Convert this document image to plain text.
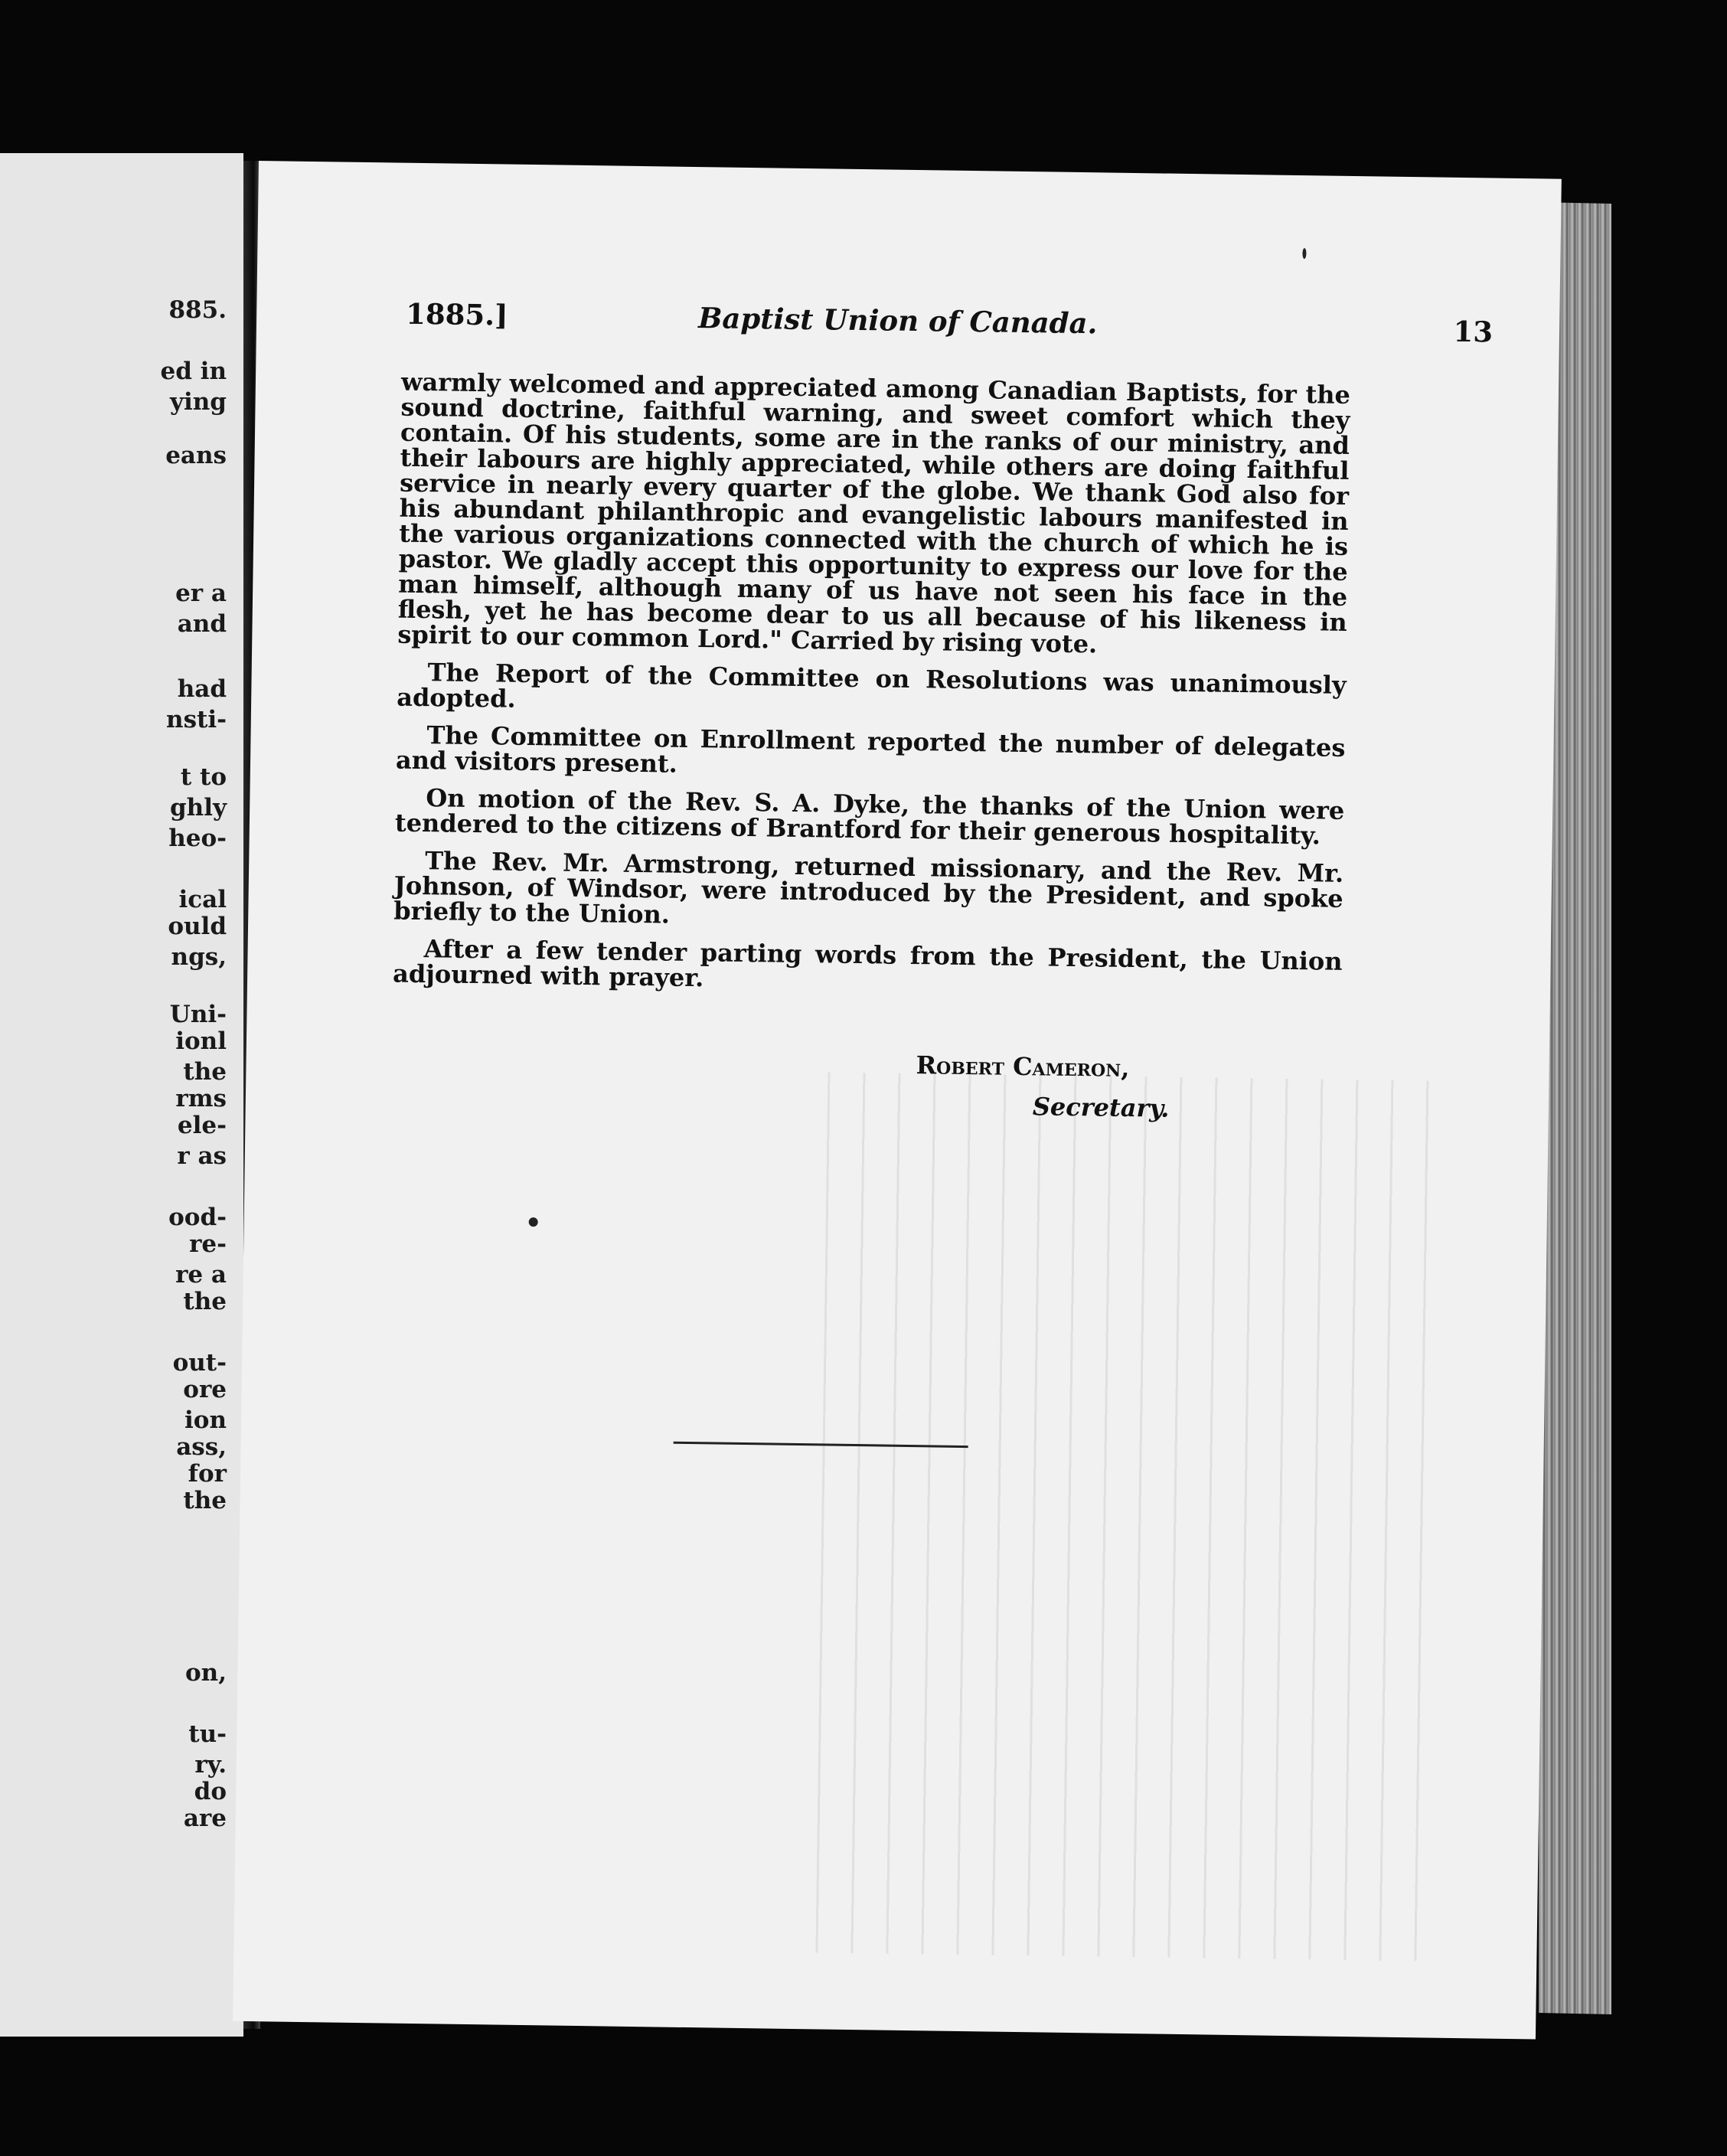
885.
ed in
ying
eans
er a
and
had
nsti-
t to
ghly
heo-
ical
ould
ngs,
Uni-
ionl
the
rms
ele-
r as
ood-
re-
re a
the
out-
ore
ion
ass,
for
the
on,
tu-
ry.
do
are
1885.]	Baptist Union of Canada.	13

warmly welcomed and appreciated among Canadian Baptists, for the sound doctrine, faithful warning, and sweet comfort which they contain. Of his students, some are in the ranks of our ministry, and their labours are highly appreciated, while others are doing faithful service in nearly every quarter of the globe. We thank God also for his abundant philanthropic and evangelistic labours manifested in the various organizations connected with the church of which he is pastor. We gladly accept this opportunity to express our love for the man himself, although many of us have not seen his face in the flesh, yet he has become dear to us all because of his likeness in spirit to our common Lord." Carried by rising vote.

The Report of the Committee on Resolutions was unanimously adopted.

The Committee on Enrollment reported the number of delegates and visitors present.

On motion of the Rev. S. A. Dyke, the thanks of the Union were tendered to the citizens of Brantford for their generous hospitality.

The Rev. Mr. Armstrong, returned missionary, and the Rev. Mr. Johnson, of Windsor, were introduced by the President, and spoke briefly to the Union.

After a few tender parting words from the President, the Union adjourned with prayer.

Robert Cameron,
Secretary.
